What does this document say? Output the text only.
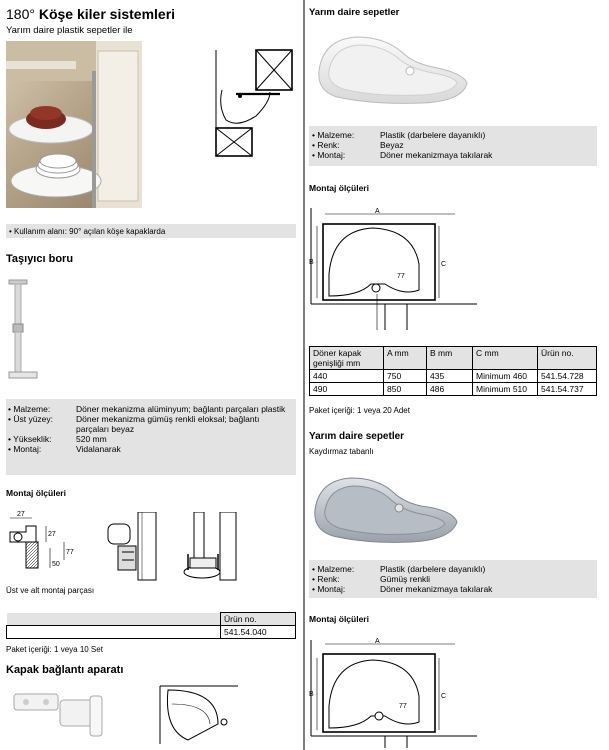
180° Köşe kiler sistemleri
Yarım daire plastik sepetler ile
• Kullanım alanı: 90° açılan köşe kapaklarda
Taşıyıcı boru
• Malzeme:	Döner mekanizma alüminyum; bağlantı parçaları plastik
• Üst yüzey:	Döner mekanizma gümüş renkli eloksal; bağlantı parçaları beyaz
• Yükseklik:	520 mm
• Montaj:	Vidalanarak
Montaj ölçüleri
27
27
77
50
Üst ve alt montaj parçası
	Ürün no.
	541.54.040
Paket içeriği: 1 veya 10 Set
Kapak bağlantı aparatı
Yarım daire sepetler
• Malzeme:	Plastik (darbelere dayanıklı)
• Renk:	Beyaz
• Montaj:	Döner mekanizmaya takılarak
Montaj ölçüleri
A
B	C
77
Döner kapak genişliği mm	A mm	B mm	C mm	Ürün no.
440	750	435	Minimum 460	541.54.728
490	850	486	Minimum 510	541.54.737
Paket içeriği: 1 veya 20 Adet
Yarım daire sepetler
Kaydırmaz tabanlı
• Malzeme:	Plastik (darbelere dayanıklı)
• Renk:	Gümüş renkli
• Montaj:	Döner mekanizmaya takılarak
Montaj ölçüleri
A
B	C
77
